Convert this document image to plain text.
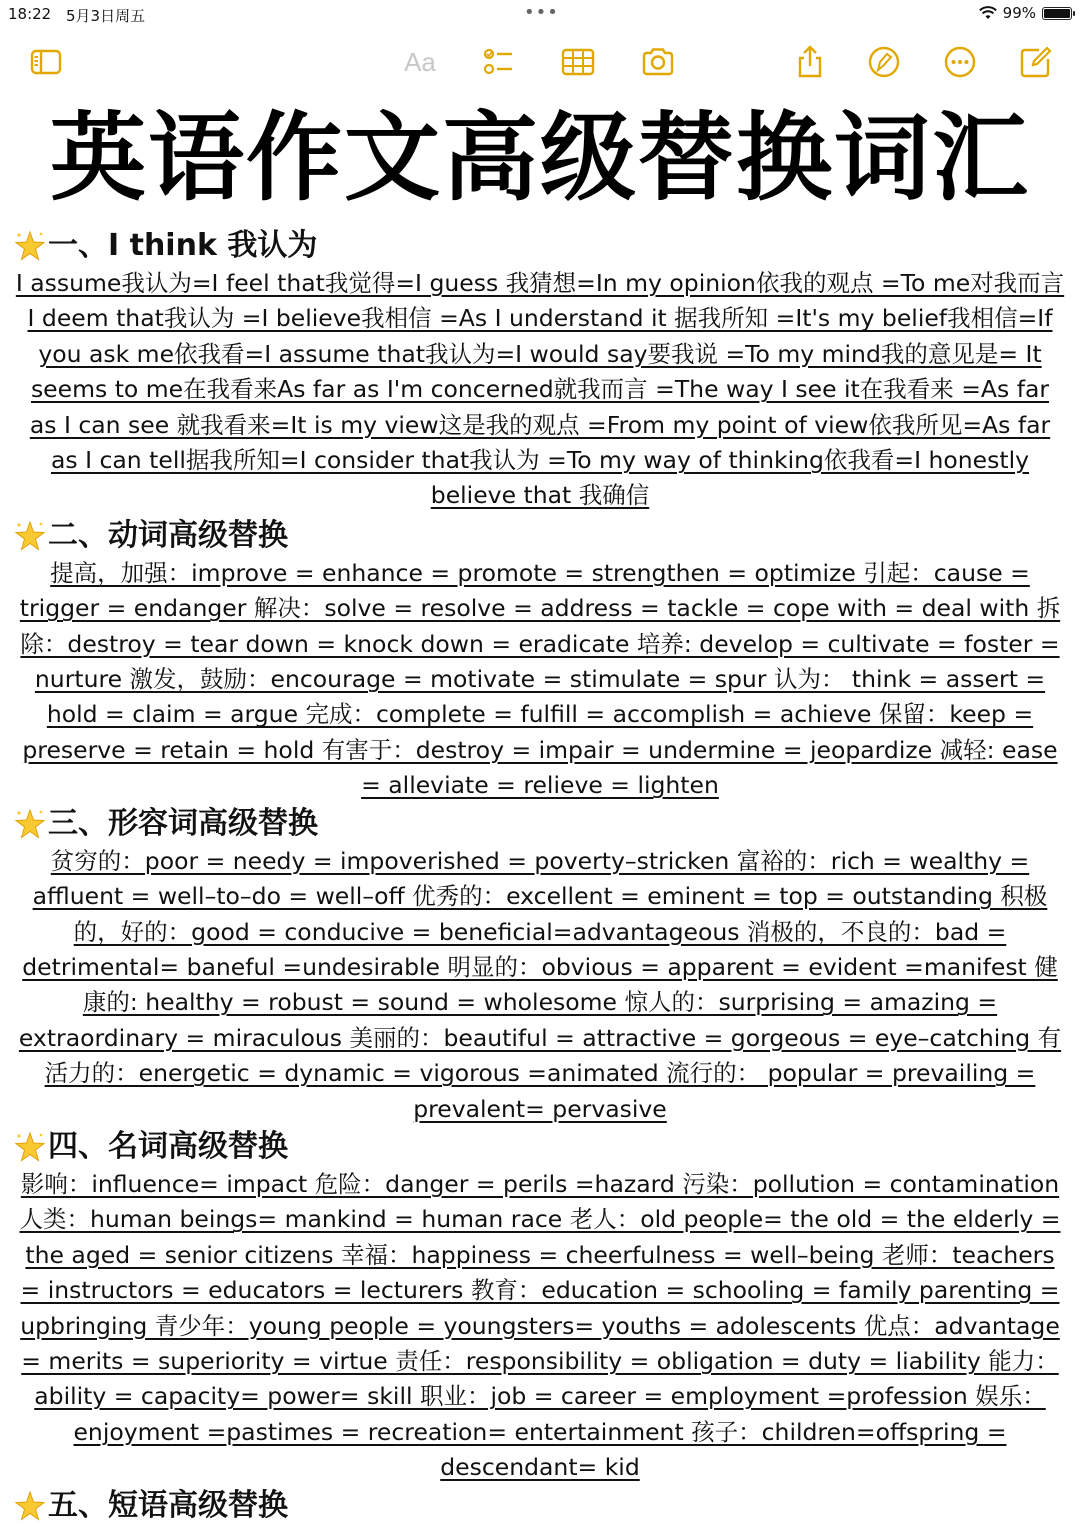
18:22 5月3日周五	•••	99%
Aa
英语作文高级替换词汇
一、I think 我认为

I assume我认为=I feel that我觉得=I guess 我猜想=In my opinion依我的观点 =To me对我而言 I deem that我认为 =I believe我相信 =As I understand it 据我所知 =It's my belief我相信=If you ask me依我看=I assume that我认为=I would say要我说 =To my mind我的意见是= It seems to me在我看来As far as I'm concerned就我而言 =The way I see it在我看来 =As far as I can see 就我看来=It is my view这是我的观点 =From my point of view依我所见=As far as I can tell据我所知=I consider that我认为 =To my way of thinking依我看=I honestly believe that 我确信

二、动词高级替换

提高，加强：improve = enhance = promote = strengthen = optimize 引起：cause = trigger = endanger 解决：solve = resolve = address = tackle = cope with = deal with 拆除：destroy = tear down = knock down = eradicate 培养: develop = cultivate = foster = nurture 激发，鼓励：encourage = motivate = stimulate = spur 认为： think = assert = hold = claim = argue 完成：complete = fulfill = accomplish = achieve 保留：keep = preserve = retain = hold 有害于：destroy = impair = undermine = jeopardize 减轻: ease = alleviate = relieve = lighten

三、形容词高级替换

贫穷的：poor = needy = impoverished = poverty–stricken 富裕的：rich = wealthy = affluent = well–to–do = well–off 优秀的：excellent = eminent = top = outstanding 积极的，好的：good = conducive = beneficial=advantageous 消极的，不良的：bad = detrimental= baneful =undesirable 明显的：obvious = apparent = evident =manifest 健康的: healthy = robust = sound = wholesome 惊人的：surprising = amazing = extraordinary = miraculous 美丽的：beautiful = attractive = gorgeous = eye–catching 有活力的：energetic = dynamic = vigorous =animated 流行的： popular = prevailing = prevalent= pervasive

四、名词高级替换

影响：influence= impact 危险：danger = perils =hazard 污染：pollution = contamination 人类：human beings= mankind = human race 老人：old people= the old = the elderly = the aged = senior citizens 幸福：happiness = cheerfulness = well–being 老师：teachers = instructors = educators = lecturers 教育：education = schooling = family parenting = upbringing 青少年：young people = youngsters= youths = adolescents 优点：advantage = merits = superiority = virtue 责任：responsibility = obligation = duty = liability 能力：ability = capacity= power= skill 职业：job = career = employment =profession 娱乐：enjoyment =pastimes = recreation= entertainment 孩子：children=offspring = descendant= kid

五、短语高级替换
